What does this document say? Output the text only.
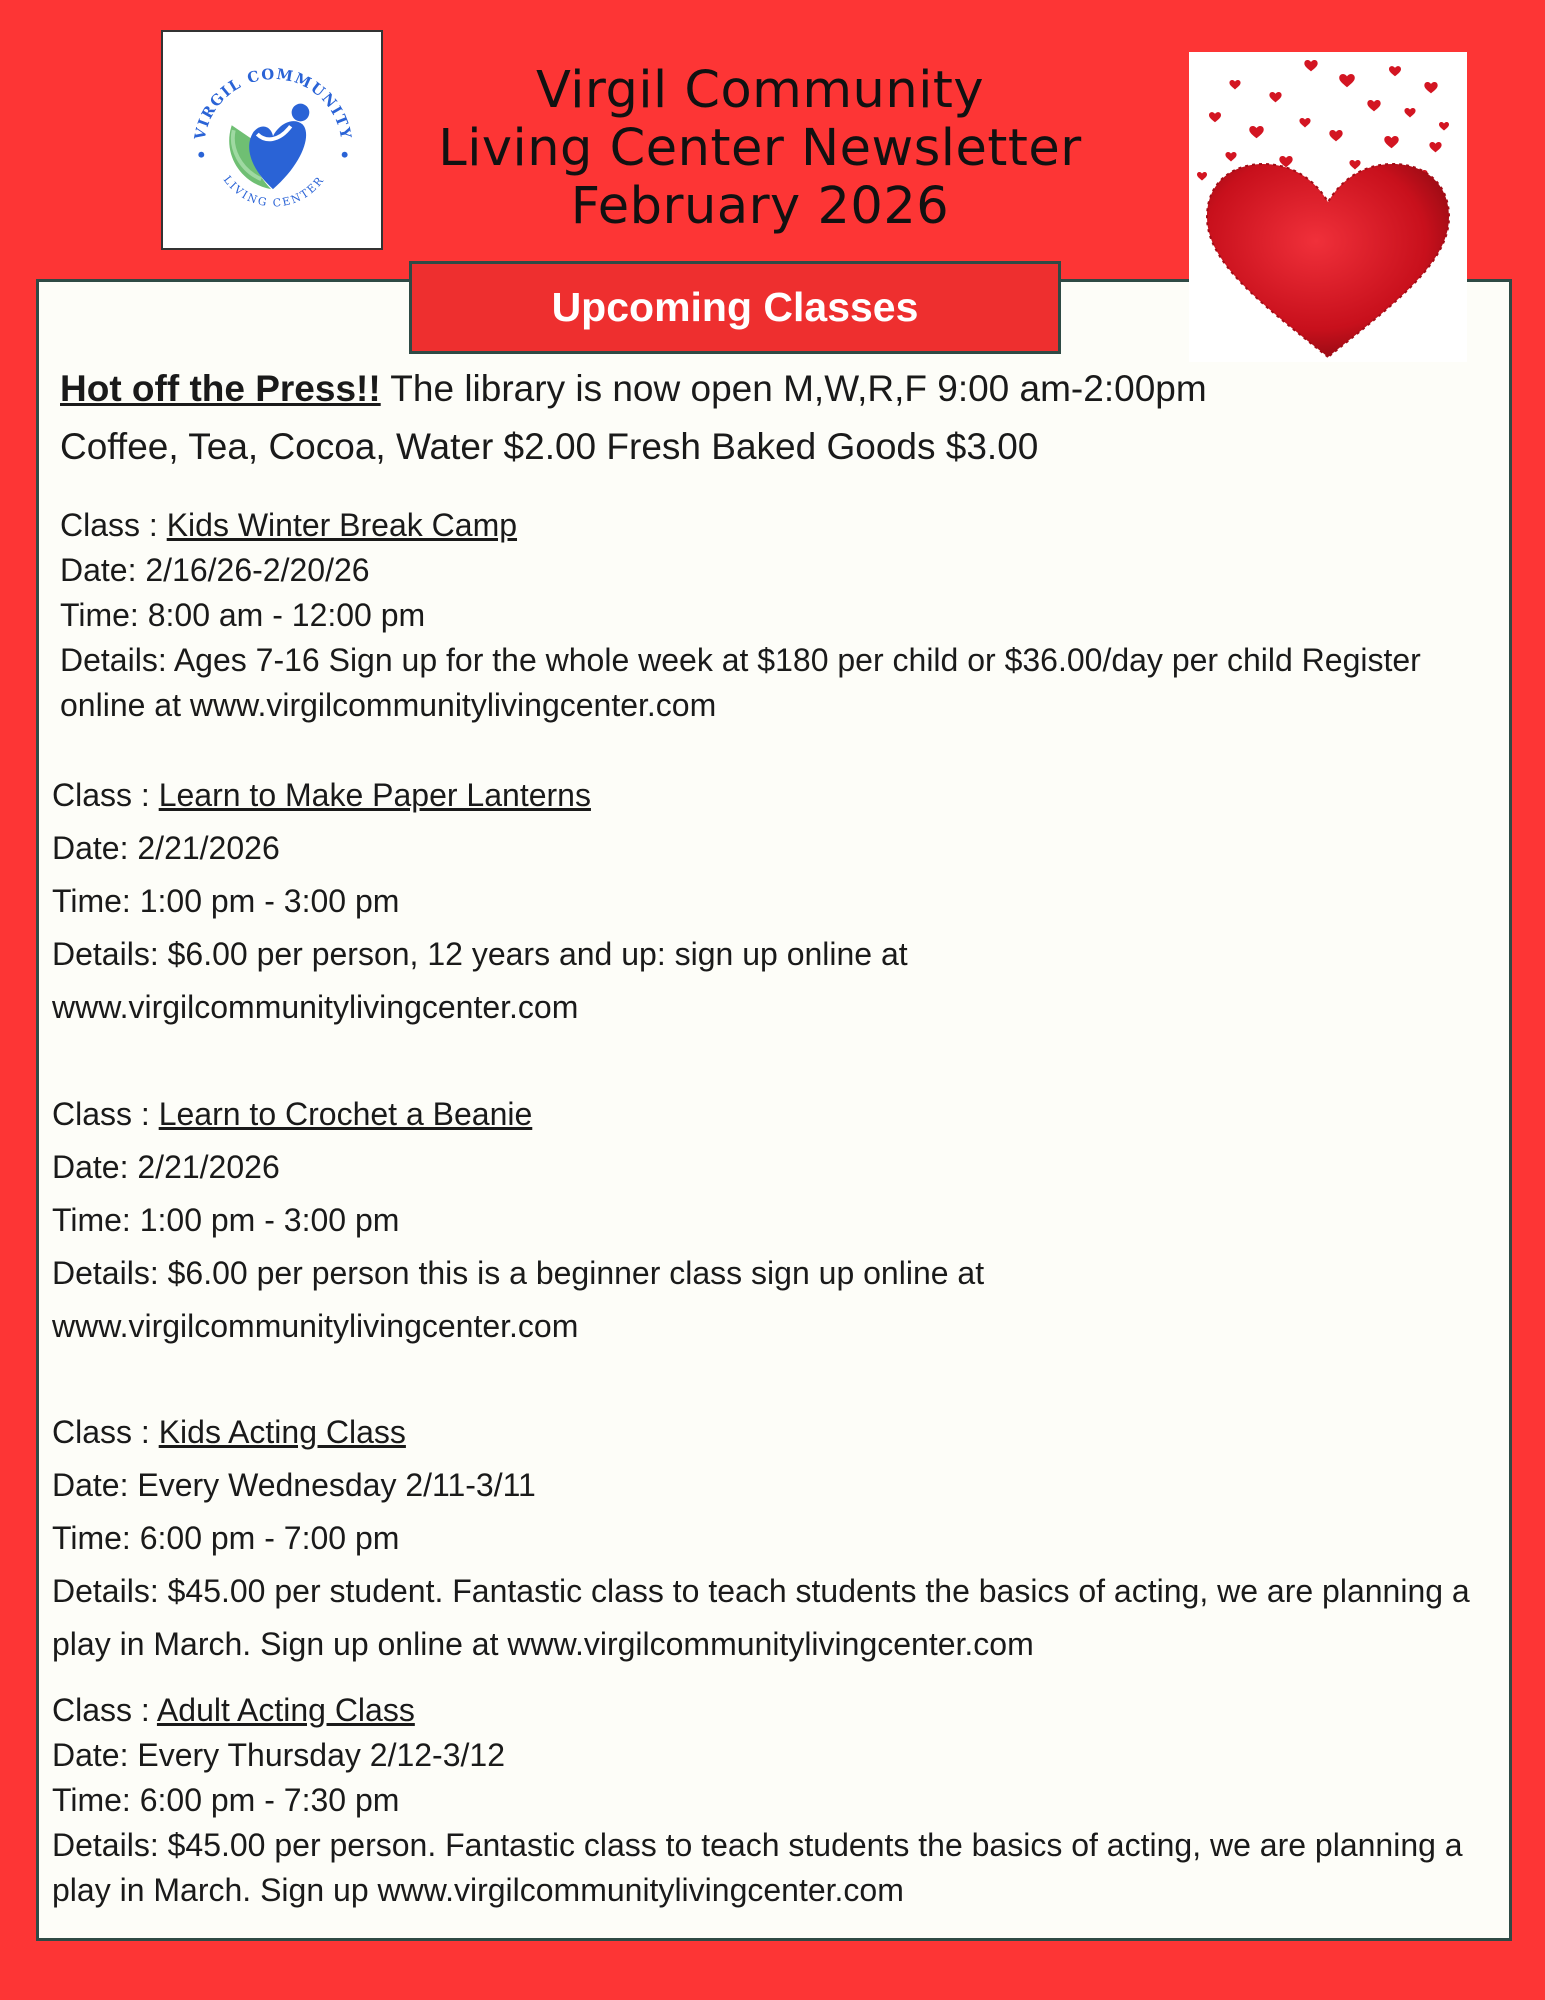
VIRGIL COMMUNITY
LIVING CENTER
Virgil Community
Living Center Newsletter
February 2026
Upcoming Classes
Hot off the Press!! The library is now open M,W,R,F 9:00 am-2:00pm
Coffee, Tea, Cocoa, Water $2.00 Fresh Baked Goods $3.00
Class : Kids Winter Break Camp
Date: 2/16/26-2/20/26
Time: 8:00 am - 12:00 pm
Details: Ages 7-16 Sign up for the whole week at $180 per child or $36.00/day per child Register online at www.virgilcommunitylivingcenter.com
Class : Learn to Make Paper Lanterns
Date: 2/21/2026
Time: 1:00 pm - 3:00 pm
Details: $6.00 per person, 12 years and up: sign up online at www.virgilcommunitylivingcenter.com
Class : Learn to Crochet a Beanie
Date: 2/21/2026
Time: 1:00 pm - 3:00 pm
Details: $6.00 per person this is a beginner class sign up online at www.virgilcommunitylivingcenter.com
Class : Kids Acting Class
Date: Every Wednesday 2/11-3/11
Time: 6:00 pm - 7:00 pm
Details: $45.00 per student. Fantastic class to teach students the basics of acting, we are planning a play in March. Sign up online at www.virgilcommunitylivingcenter.com
Class : Adult Acting Class
Date: Every Thursday 2/12-3/12
Time: 6:00 pm - 7:30 pm
Details: $45.00 per person. Fantastic class to teach students the basics of acting, we are planning a play in March. Sign up www.virgilcommunitylivingcenter.com
